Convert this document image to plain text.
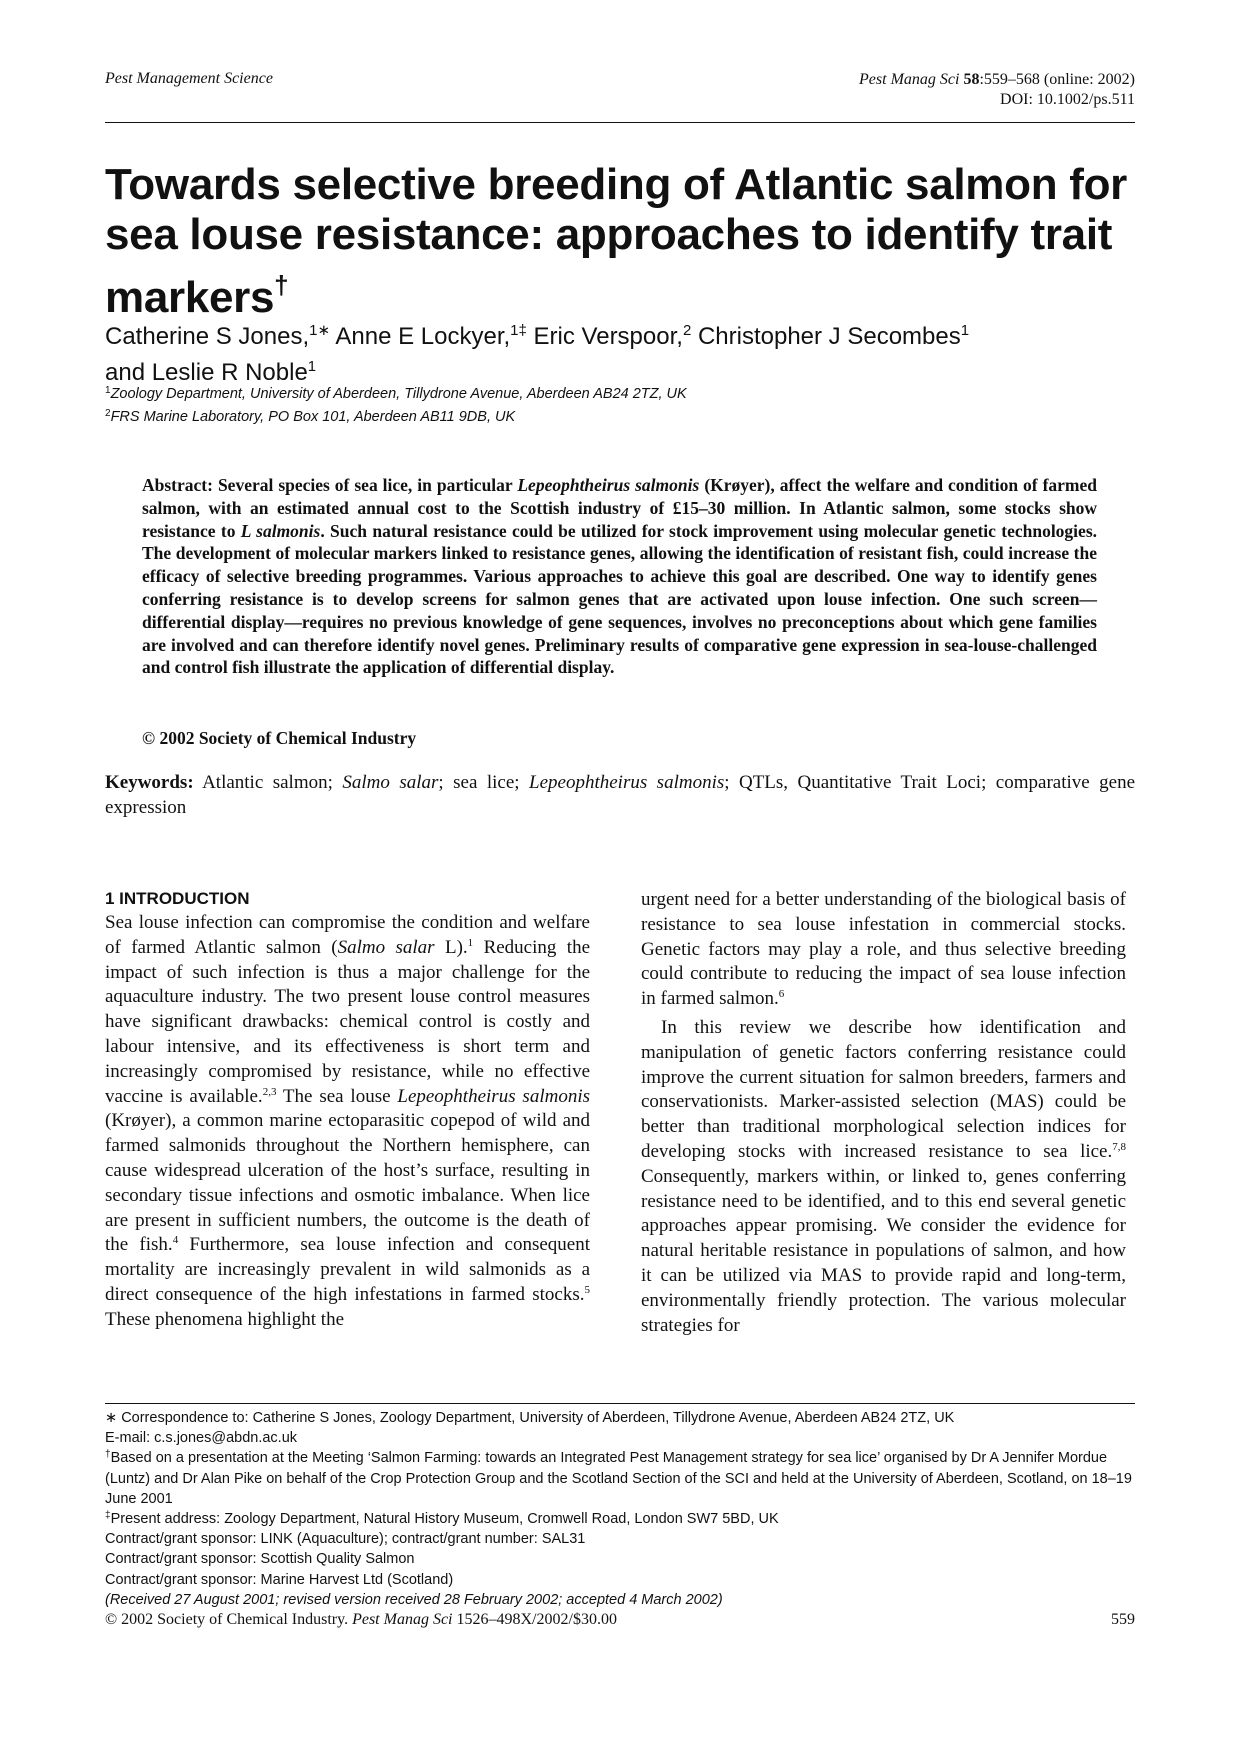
Pest Management Science	Pest Manag Sci 58:559–568 (online: 2002)
DOI: 10.1002/ps.511
Towards selective breeding of Atlantic salmon for sea louse resistance: approaches to identify trait markers†
Catherine S Jones,$^{1∗}$ Anne E Lockyer,$^{1\ddagger}$ Eric Verspoor,$^2$ Christopher J Secombes$^1$
and Leslie R Noble$^1$
$^1$Zoology Department, University of Aberdeen, Tillydrone Avenue, Aberdeen AB24 2TZ, UK
$^2$FRS Marine Laboratory, PO Box 101, Aberdeen AB11 9DB, UK
Abstract: Several species of sea lice, in particular Lepeophtheirus salmonis (Krøyer), affect the welfare and condition of farmed salmon, with an estimated annual cost to the Scottish industry of £15–30 million. In Atlantic salmon, some stocks show resistance to L salmonis. Such natural resistance could be utilized for stock improvement using molecular genetic technologies. The development of molecular markers linked to resistance genes, allowing the identification of resistant fish, could increase the efficacy of selective breeding programmes. Various approaches to achieve this goal are described. One way to identify genes conferring resistance is to develop screens for salmon genes that are activated upon louse infection. One such screen—differential display—requires no previous knowledge of gene sequences, involves no preconceptions about which gene families are involved and can therefore identify novel genes. Preliminary results of comparative gene expression in sea-louse-challenged and control fish illustrate the application of differential display.
© 2002 Society of Chemical Industry
Keywords: Atlantic salmon; Salmo salar; sea lice; Lepeophtheirus salmonis; QTLs, Quantitative Trait Loci; comparative gene expression
1 INTRODUCTION

Sea louse infection can compromise the condition and welfare of farmed Atlantic salmon (Salmo salar L).$^1$ Reducing the impact of such infection is thus a major challenge for the aquaculture industry. The two present louse control measures have significant drawbacks: chemical control is costly and labour intensive, and its effectiveness is short term and increasingly compromised by resistance, while no effective vaccine is available.$^{2,3}$ The sea louse Lepeophtheirus salmonis (Krøyer), a common marine ectoparasitic copepod of wild and farmed salmonids throughout the Northern hemisphere, can cause widespread ulceration of the host’s surface, resulting in secondary tissue infections and osmotic imbalance. When lice are present in sufficient numbers, the outcome is the death of the fish.$^4$ Furthermore, sea louse infection and consequent mortality are increasingly prevalent in wild salmonids as a direct consequence of the high infestations in farmed stocks.$^5$ These phenomena highlight the

urgent need for a better understanding of the biological basis of resistance to sea louse infestation in commercial stocks. Genetic factors may play a role, and thus selective breeding could contribute to reducing the impact of sea louse infection in farmed salmon.$^6$

In this review we describe how identification and manipulation of genetic factors conferring resistance could improve the current situation for salmon breeders, farmers and conservationists. Marker-assisted selection (MAS) could be better than traditional morphological selection indices for developing stocks with increased resistance to sea lice.$^{7,8}$ Consequently, markers within, or linked to, genes conferring resistance need to be identified, and to this end several genetic approaches appear promising. We consider the evidence for natural heritable resistance in populations of salmon, and how it can be utilized via MAS to provide rapid and long-term, environmentally friendly protection. The various molecular strategies for

∗ Correspondence to: Catherine S Jones, Zoology Department, University of Aberdeen, Tillydrone Avenue, Aberdeen AB24 2TZ, UK

E-mail: c.s.jones@abdn.ac.uk

†Based on a presentation at the Meeting ‘Salmon Farming: towards an Integrated Pest Management strategy for sea lice’ organised by Dr A Jennifer Mordue (Luntz) and Dr Alan Pike on behalf of the Crop Protection Group and the Scotland Section of the SCI and held at the University of Aberdeen, Scotland, on 18–19 June 2001

‡Present address: Zoology Department, Natural History Museum, Cromwell Road, London SW7 5BD, UK

Contract/grant sponsor: LINK (Aquaculture); contract/grant number: SAL31

Contract/grant sponsor: Scottish Quality Salmon

Contract/grant sponsor: Marine Harvest Ltd (Scotland)

(Received 27 August 2001; revised version received 28 February 2002; accepted 4 March 2002)

© 2002 Society of Chemical Industry. Pest Manag Sci 1526–498X/2002/$30.00	559
